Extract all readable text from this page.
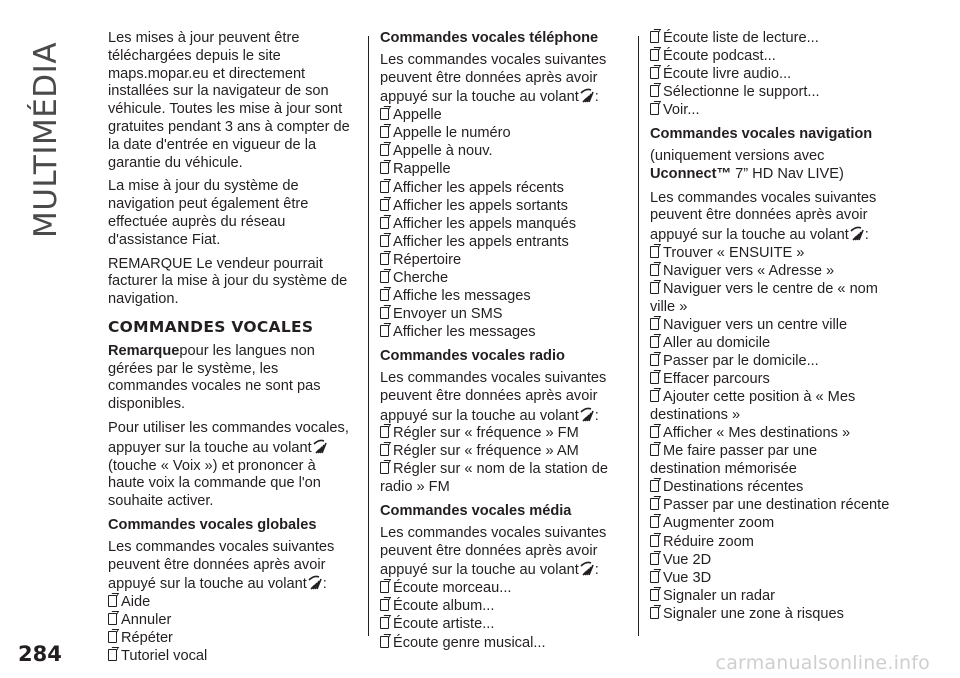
MULTIMÉDIA

Les mises à jour peuvent être téléchargées depuis le site maps.mopar.eu et directement installées sur la navigateur de son véhicule. Toutes les mise à jour sont gratuites pendant 3 ans à compter de la date d'entrée en vigueur de la garantie du véhicule.

La mise à jour du système de navigation peut également être effectuée auprès du réseau d'assistance Fiat.

REMARQUE Le vendeur pourrait facturer la mise à jour du système de navigation.

COMMANDES VOCALES

Remarquepour les langues non gérées par le système, les commandes vocales ne sont pas disponibles.

Pour utiliser les commandes vocales, appuyer sur la touche au volant(touche « Voix ») et prononcer à haute voix la commande que l'on souhaite activer.

Commandes vocales globales

Les commandes vocales suivantes peuvent être données après avoir appuyé sur la touche au volant :

Aide
Annuler
Répéter
Tutoriel vocal
Commandes vocales téléphone

Les commandes vocales suivantes peuvent être données après avoir appuyé sur la touche au volant :

Appelle
Appelle le numéro
Appelle à nouv.
Rappelle
Afficher les appels récents
Afficher les appels sortants
Afficher les appels manqués
Afficher les appels entrants
Répertoire
Cherche
Affiche les messages
Envoyer un SMS
Afficher les messages
Commandes vocales radio

Les commandes vocales suivantes peuvent être données après avoir appuyé sur la touche au volant :

Régler sur « fréquence » FM
Régler sur « fréquence » AM
Régler sur « nom de la station de radio » FM
Commandes vocales média

Les commandes vocales suivantes peuvent être données après avoir appuyé sur la touche au volant :

Écoute morceau...
Écoute album...
Écoute artiste...
Écoute genre musical...
Écoute liste de lecture...
Écoute podcast...
Écoute livre audio...
Sélectionne le support...
Voir...
Commandes vocales navigation

(uniquement versions avec
Uconnect™ 7” HD Nav LIVE)

Les commandes vocales suivantes peuvent être données après avoir appuyé sur la touche au volant :

Trouver « ENSUITE »
Naviguer vers « Adresse »
Naviguer vers le centre de « nom ville »
Naviguer vers un centre ville
Aller au domicile
Passer par le domicile...
Effacer parcours
Ajouter cette position à « Mes destinations »
Afficher « Mes destinations »
Me faire passer par une destination mémorisée
Destinations récentes
Passer par une destination récente
Augmenter zoom
Réduire zoom
Vue 2D
Vue 3D
Signaler un radar
Signaler une zone à risques
284	carmanualsonline.info
